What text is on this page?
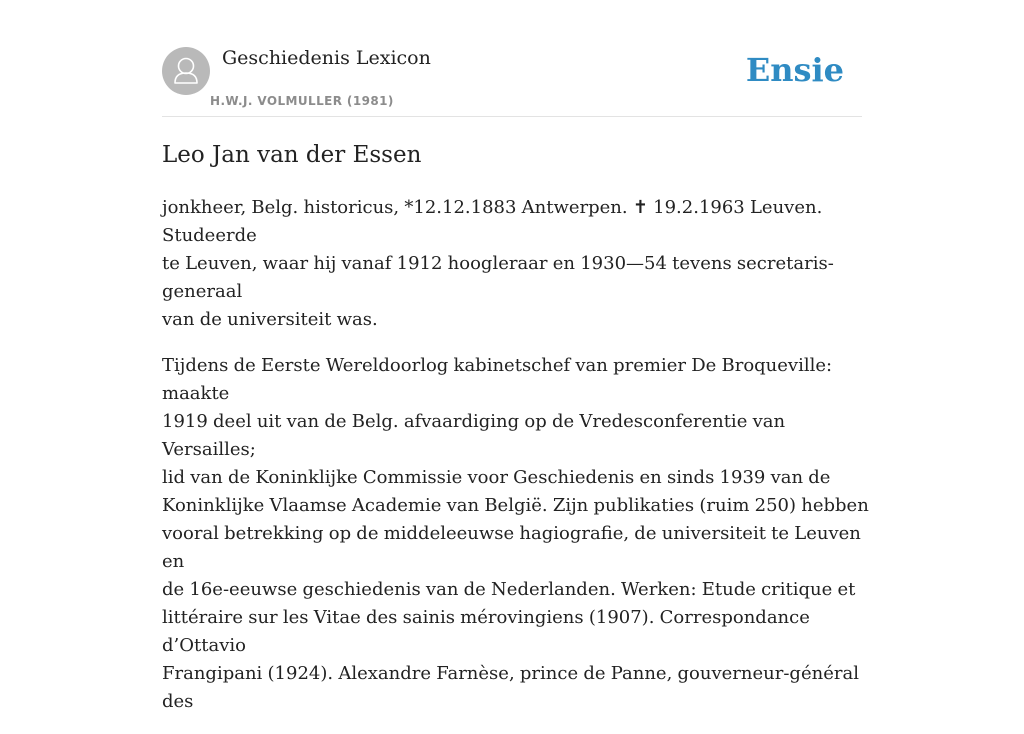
Geschiedenis Lexicon
H.W.J. VOLMULLER (1981)
Ensie
Leo Jan van der Essen

jonkheer, Belg. historicus, *12.12.1883 Antwerpen. ✝ 19.2.1963 Leuven. Studeerde
te Leuven, waar hij vanaf 1912 hoogleraar en 1930—54 tevens secretaris-generaal
van de universiteit was.

Tijdens de Eerste Wereldoorlog kabinetschef van premier De Broqueville: maakte
1919 deel uit van de Belg. afvaardiging op de Vredesconferentie van Versailles;
lid van de Koninklijke Commissie voor Geschiedenis en sinds 1939 van de
Koninklijke Vlaamse Academie van België. Zijn publikaties (ruim 250) hebben
vooral betrekking op de middeleeuwse hagiografie, de universiteit te Leuven en
de 16e-eeuwse geschiedenis van de Nederlanden. Werken: Etude critique et
littéraire sur les Vitae des sainis mérovingiens (1907). Correspondance d’Ottavio
Frangipani (1924). Alexandre Farnèse, prince de Panne, gouverneur-général des
